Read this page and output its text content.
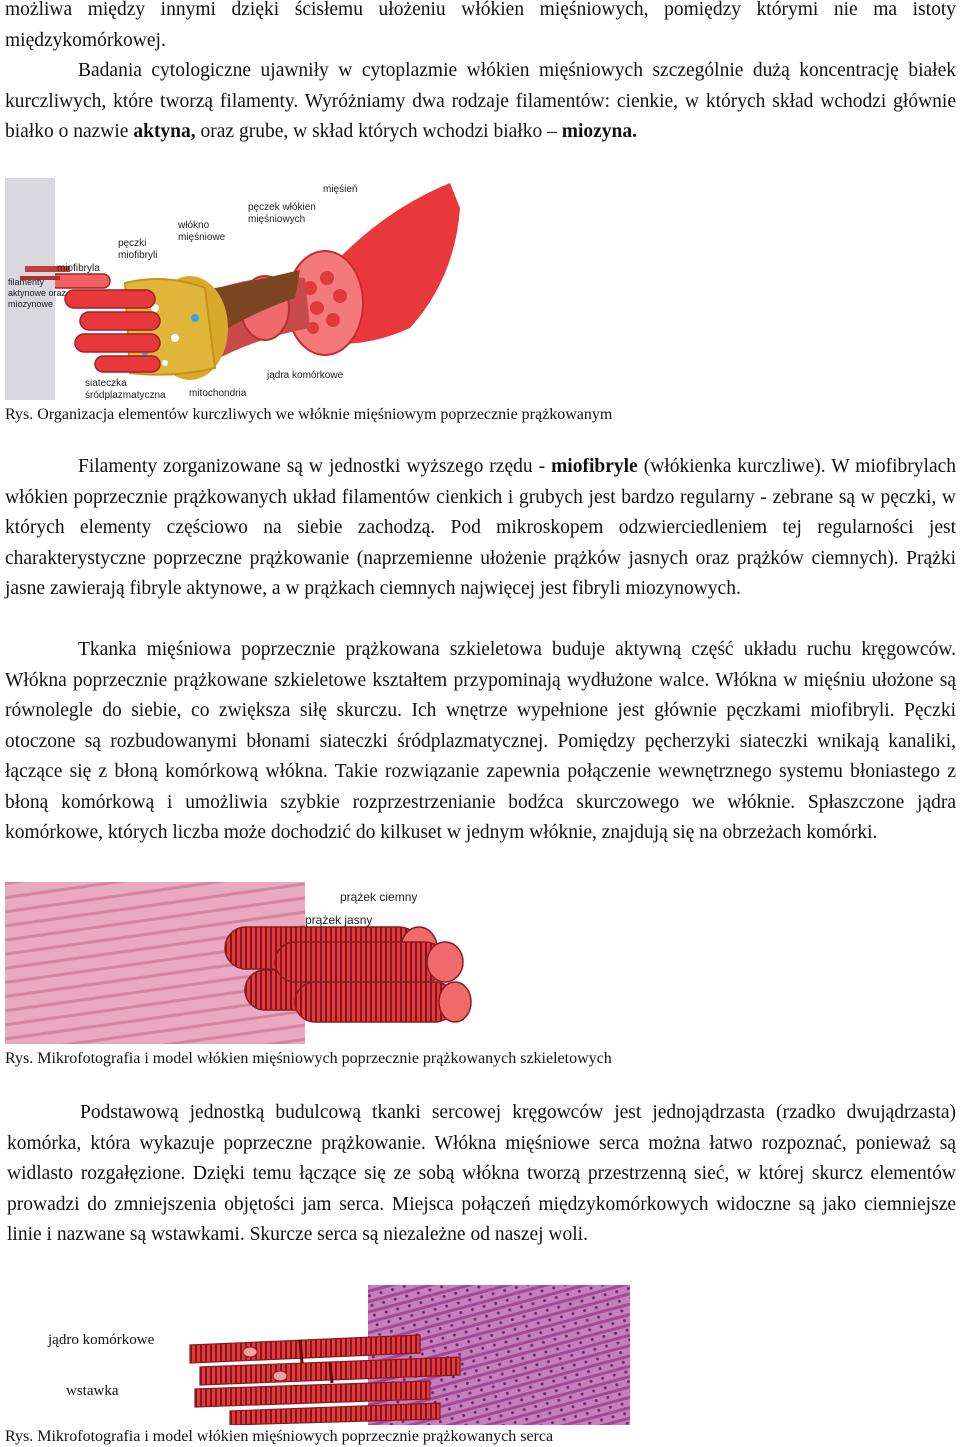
możliwa między innymi dzięki ścisłemu ułożeniu włókien mięśniowych, pomiędzy którymi nie ma istoty międzykomórkowej.

Badania cytologiczne ujawniły w cytoplazmie włókien mięśniowych szczególnie dużą koncentrację białek kurczliwych, które tworzą filamenty. Wyróżniamy dwa rodzaje filamentów: cienkie, w których skład wchodzi głównie białko o nazwie aktyna, oraz grube, w skład których wchodzi białko – miozyna.

mięśień
pęczek włókien
mięśniowych
włókno
mięśniowe
pęczki
miofibryli
miofibryla
filamenty
aktynowe oraz
miozynowe
jądra komórkowe
siateczka
śródplazmatyczna mitochondria

Rys. Organizacja elementów kurczliwych we włóknie mięśniowym poprzecznie prążkowanym

Filamenty zorganizowane są w jednostki wyższego rzędu - miofibryle (włókienka kurczliwe). W miofibrylach włókien poprzecznie prążkowanych układ filamentów cienkich i grubych jest bardzo regularny - zebrane są w pęczki, w których elementy częściowo na siebie zachodzą. Pod mikroskopem odzwierciedleniem tej regularności jest charakterystyczne poprzeczne prążkowanie (naprzemienne ułożenie prążków jasnych oraz prążków ciemnych). Prążki jasne zawierają fibryle aktynowe, a w prążkach ciemnych najwięcej jest fibryli miozynowych.

Tkanka mięśniowa poprzecznie prążkowana szkieletowa buduje aktywną część układu ruchu kręgowców. Włókna poprzecznie prążkowane szkieletowe kształtem przypominają wydłużone walce. Włókna w mięśniu ułożone są równolegle do siebie, co zwiększa siłę skurczu. Ich wnętrze wypełnione jest głównie pęczkami miofibryli. Pęczki otoczone są rozbudowanymi błonami siateczki śródplazmatycznej. Pomiędzy pęcherzyki siateczki wnikają kanaliki, łączące się z błoną komórkową włókna. Takie rozwiązanie zapewnia połączenie wewnętrznego systemu błoniastego z błoną komórkową i umożliwia szybkie rozprzestrzenianie bodźca skurczowego we włóknie. Spłaszczone jądra komórkowe, których liczba może dochodzić do kilkuset w jednym włóknie, znajdują się na obrzeżach komórki.

prążek ciemny
prążek jasny

Rys. Mikrofotografia i model włókien mięśniowych poprzecznie prążkowanych szkieletowych

Podstawową jednostką budulcową tkanki sercowej kręgowców jest jednojądrzasta (rzadko dwujądrzasta) komórka, która wykazuje poprzeczne prążkowanie. Włókna mięśniowe serca można łatwo rozpoznać, ponieważ są widlasto rozgałęzione. Dzięki temu łączące się ze sobą włókna tworzą przestrzenną sieć, w której skurcz elementów prowadzi do zmniejszenia objętości jam serca. Miejsca połączeń międzykomórkowych widoczne są jako ciemniejsze linie i nazwane są wstawkami. Skurcze serca są niezależne od naszej woli.

jądro komórkowe
wstawka

Rys. Mikrofotografia i model włókien mięśniowych poprzecznie prążkowanych serca
